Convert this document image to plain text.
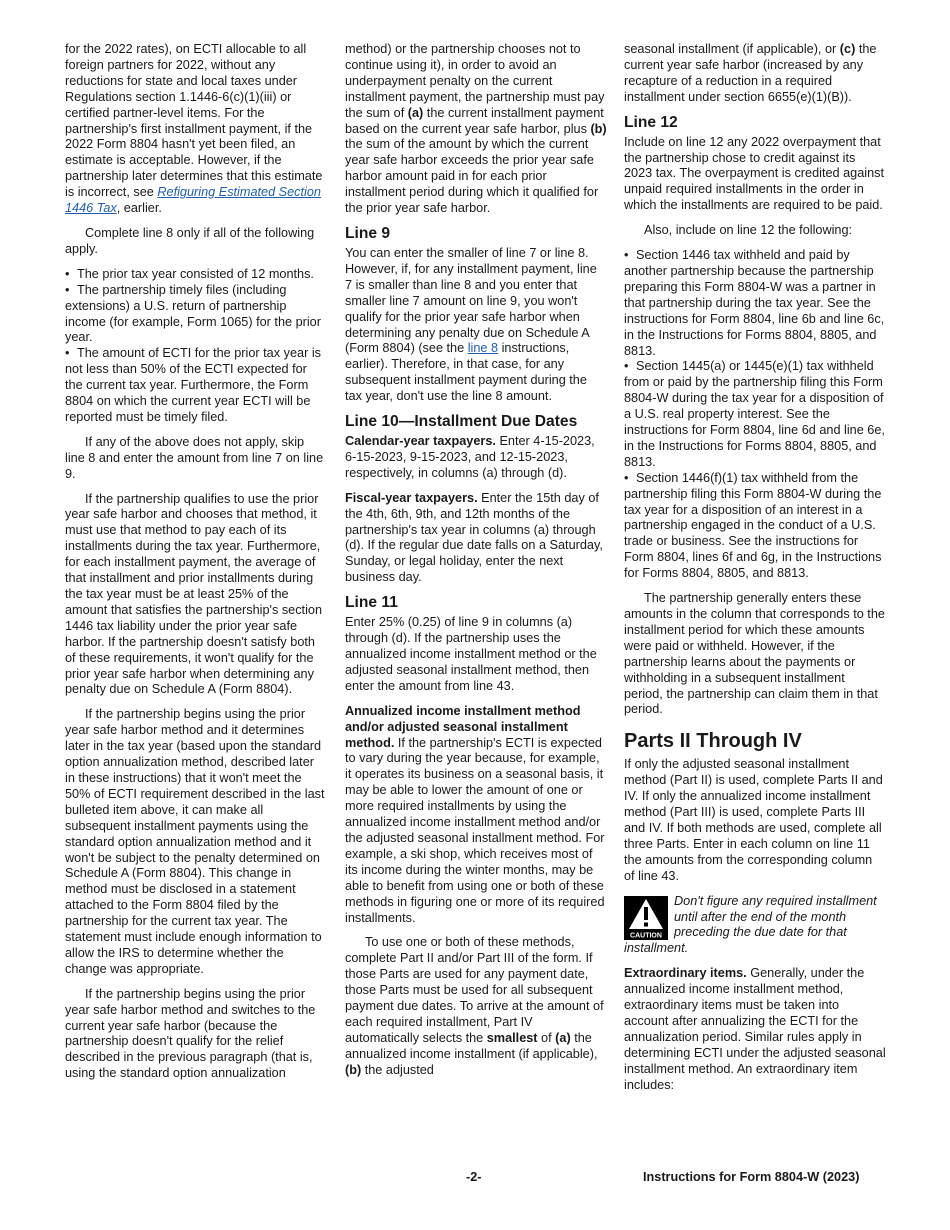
for the 2022 rates), on ECTI allocable to all foreign partners for 2022, without any reductions for state and local taxes under Regulations section 1.1446-6(c)(1)(iii) or certified partner-level items. For the partnership's first installment payment, if the 2022 Form 8804 hasn't yet been filed, an estimate is acceptable. However, if the partnership later determines that this estimate is incorrect, see Refiguring Estimated Section 1446 Tax, earlier.

Complete line 8 only if all of the following apply.

• The prior tax year consisted of 12 months.

• The partnership timely files (including extensions) a U.S. return of partnership income (for example, Form 1065) for the prior year.

• The amount of ECTI for the prior tax year is not less than 50% of the ECTI expected for the current tax year. Furthermore, the Form 8804 on which the current year ECTI will be reported must be timely filed.

If any of the above does not apply, skip line 8 and enter the amount from line 7 on line 9.

If the partnership qualifies to use the prior year safe harbor and chooses that method, it must use that method to pay each of its installments during the tax year. Furthermore, for each installment payment, the average of that installment and prior installments during the tax year must be at least 25% of the amount that satisfies the partnership's section 1446 tax liability under the prior year safe harbor. If the partnership doesn't satisfy both of these requirements, it won't qualify for the prior year safe harbor when determining any penalty due on Schedule A (Form 8804).

If the partnership begins using the prior year safe harbor method and it determines later in the tax year (based upon the standard option annualization method, described later in these instructions) that it won't meet the 50% of ECTI requirement described in the last bulleted item above, it can make all subsequent installment payments using the standard option annualization method and it won't be subject to the penalty determined on Schedule A (Form 8804). This change in method must be disclosed in a statement attached to the Form 8804 filed by the partnership for the current tax year. The statement must include enough information to allow the IRS to determine whether the change was appropriate.

If the partnership begins using the prior year safe harbor method and switches to the current year safe harbor (because the partnership doesn't qualify for the relief described in the previous paragraph (that is, using the standard option annualization

method) or the partnership chooses not to continue using it), in order to avoid an underpayment penalty on the current installment payment, the partnership must pay the sum of (a) the current installment payment based on the current year safe harbor, plus (b) the sum of the amount by which the current year safe harbor exceeds the prior year safe harbor amount paid in for each prior installment period during which it qualified for the prior year safe harbor.

Line 9

You can enter the smaller of line 7 or line 8. However, if, for any installment payment, line 7 is smaller than line 8 and you enter that smaller line 7 amount on line 9, you won't qualify for the prior year safe harbor when determining any penalty due on Schedule A (Form 8804) (see the line 8 instructions, earlier). Therefore, in that case, for any subsequent installment payment during the tax year, don't use the line 8 amount.

Line 10—Installment Due Dates

Calendar-year taxpayers. Enter 4-15-2023, 6-15-2023, 9-15-2023, and 12-15-2023, respectively, in columns (a) through (d).

Fiscal-year taxpayers. Enter the 15th day of the 4th, 6th, 9th, and 12th months of the partnership's tax year in columns (a) through (d). If the regular due date falls on a Saturday, Sunday, or legal holiday, enter the next business day.

Line 11

Enter 25% (0.25) of line 9 in columns (a) through (d). If the partnership uses the annualized income installment method or the adjusted seasonal installment method, then enter the amount from line 43.

Annualized income installment method and/or adjusted seasonal installment method. If the partnership's ECTI is expected to vary during the year because, for example, it operates its business on a seasonal basis, it may be able to lower the amount of one or more required installments by using the annualized income installment method and/or the adjusted seasonal installment method. For example, a ski shop, which receives most of its income during the winter months, may be able to benefit from using one or both of these methods in figuring one or more of its required installments.

To use one or both of these methods, complete Part II and/or Part III of the form. If those Parts are used for any payment date, those Parts must be used for all subsequent payment due dates. To arrive at the amount of each required installment, Part IV automatically selects the smallest of (a) the annualized income installment (if applicable), (b) the adjusted

seasonal installment (if applicable), or (c) the current year safe harbor (increased by any recapture of a reduction in a required installment under section 6655(e)(1)(B)).

Line 12

Include on line 12 any 2022 overpayment that the partnership chose to credit against its 2023 tax. The overpayment is credited against unpaid required installments in the order in which the installments are required to be paid.

Also, include on line 12 the following:

• Section 1446 tax withheld and paid by another partnership because the partnership preparing this Form 8804-W was a partner in that partnership during the tax year. See the instructions for Form 8804, line 6b and line 6c, in the Instructions for Forms 8804, 8805, and 8813.

• Section 1445(a) or 1445(e)(1) tax withheld from or paid by the partnership filing this Form 8804-W during the tax year for a disposition of a U.S. real property interest. See the instructions for Form 8804, line 6d and line 6e, in the Instructions for Forms 8804, 8805, and 8813.

• Section 1446(f)(1) tax withheld from the partnership filing this Form 8804-W during the tax year for a disposition of an interest in a partnership engaged in the conduct of a U.S. trade or business. See the instructions for Form 8804, lines 6f and 6g, in the Instructions for Forms 8804, 8805, and 8813.

The partnership generally enters these amounts in the column that corresponds to the installment period for which these amounts were paid or withheld. However, if the partnership learns about the payments or withholding in a subsequent installment period, the partnership can claim them in that period.

Parts II Through IV

If only the adjusted seasonal installment method (Part II) is used, complete Parts II and IV. If only the annualized income installment method (Part III) is used, complete Parts III and IV. If both methods are used, complete all three Parts. Enter in each column on line 11 the amounts from the corresponding column of line 43.

CAUTION
Don't figure any required installment until after the end of the month preceding the due date for that installment.

Extraordinary items. Generally, under the annualized income installment method, extraordinary items must be taken into account after annualizing the ECTI for the annualization period. Similar rules apply in determining ECTI under the adjusted seasonal installment method. An extraordinary item includes:

-2-	Instructions for Form 8804-W (2023)
